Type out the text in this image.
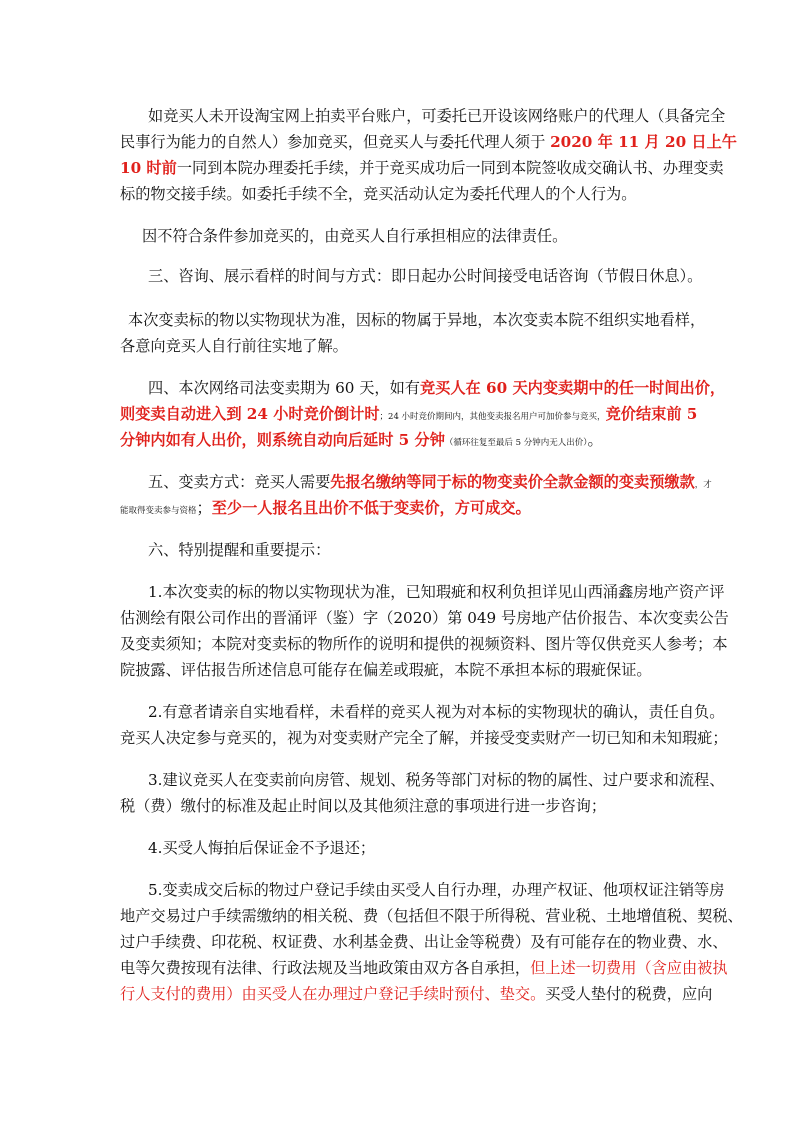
如竞买人未开设淘宝网上拍卖平台账户，可委托已开设该网络账户的代理人（具备完全
民事行为能力的自然人）参加竞买，但竞买人与委托代理人须于 2020 年 11 月 20 日上午
10 时前一同到本院办理委托手续，并于竞买成功后一同到本院签收成交确认书、办理变卖
标的物交接手续。如委托手续不全，竞买活动认定为委托代理人的个人行为。
因不符合条件参加竞买的，由竞买人自行承担相应的法律责任。
三、咨询、展示看样的时间与方式：即日起办公时间接受电话咨询（节假日休息）。
本次变卖标的物以实物现状为准，因标的物属于异地，本次变卖本院不组织实地看样，
各意向竞买人自行前往实地了解。
四、本次网络司法变卖期为 60 天，如有竞买人在 60 天内变卖期中的任一时间出价，
则变卖自动进入到 24 小时竞价倒计时；24 小时竞价期间内，其他变卖报名用户可加价参与竞买，竞价结束前 5
分钟内如有人出价，则系统自动向后延时 5 分钟（循环往复至最后 5 分钟内无人出价）。
五、变卖方式：竞买人需要先报名缴纳等同于标的物变卖价全款金额的变卖预缴款，才
能取得变卖参与资格；至少一人报名且出价不低于变卖价，方可成交。
六、特别提醒和重要提示：
1.本次变卖的标的物以实物现状为准，已知瑕疵和权利负担详见山西涌鑫房地产资产评
估测绘有限公司作出的晋涌评（鉴）字（2020）第 049 号房地产估价报告、本次变卖公告
及变卖须知；本院对变卖标的物所作的说明和提供的视频资料、图片等仅供竞买人参考；本
院披露、评估报告所述信息可能存在偏差或瑕疵，本院不承担本标的瑕疵保证。
2.有意者请亲自实地看样，未看样的竞买人视为对本标的实物现状的确认，责任自负。
竞买人决定参与竞买的，视为对变卖财产完全了解，并接受变卖财产一切已知和未知瑕疵；
3.建议竞买人在变卖前向房管、规划、税务等部门对标的物的属性、过户要求和流程、
税（费）缴付的标准及起止时间以及其他须注意的事项进行进一步咨询；
4.买受人悔拍后保证金不予退还；
5.变卖成交后标的物过户登记手续由买受人自行办理，办理产权证、他项权证注销等房
地产交易过户手续需缴纳的相关税、费（包括但不限于所得税、营业税、土地增值税、契税、
过户手续费、印花税、权证费、水利基金费、出让金等税费）及有可能存在的物业费、水、
电等欠费按现有法律、行政法规及当地政策由双方各自承担，但上述一切费用（含应由被执
行人支付的费用）由买受人在办理过户登记手续时预付、垫交。买受人垫付的税费，应向
